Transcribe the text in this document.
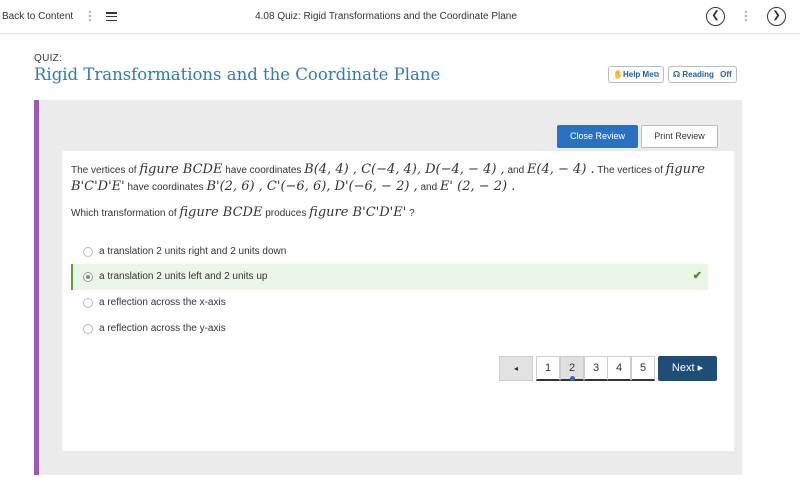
Back to Content	4.08 Quiz: Rigid Transformations and the Coordinate Plane	❮	❯
QUIZ:
Rigid Transformations and the Coordinate Plane	✋Help Me⧉	☊ Reading Off
Close Review	Print Review
The vertices of figure BCDE have coordinates B(4, 4) , C(−4, 4), D(−4, − 4) , and E(4, − 4) . The vertices of figure B'C'D'E' have coordinates B'(2, 6) , C'(−6, 6), D'(−6, − 2) , and E' (2, − 2) .
Which transformation of figure BCDE produces figure B'C'D'E' ?
a translation 2 units right and 2 units down
a translation 2 units left and 2 units up	✔
a reflection across the x-axis
a reflection across the y-axis
◂	1	2	3	4	5	Next ▸
